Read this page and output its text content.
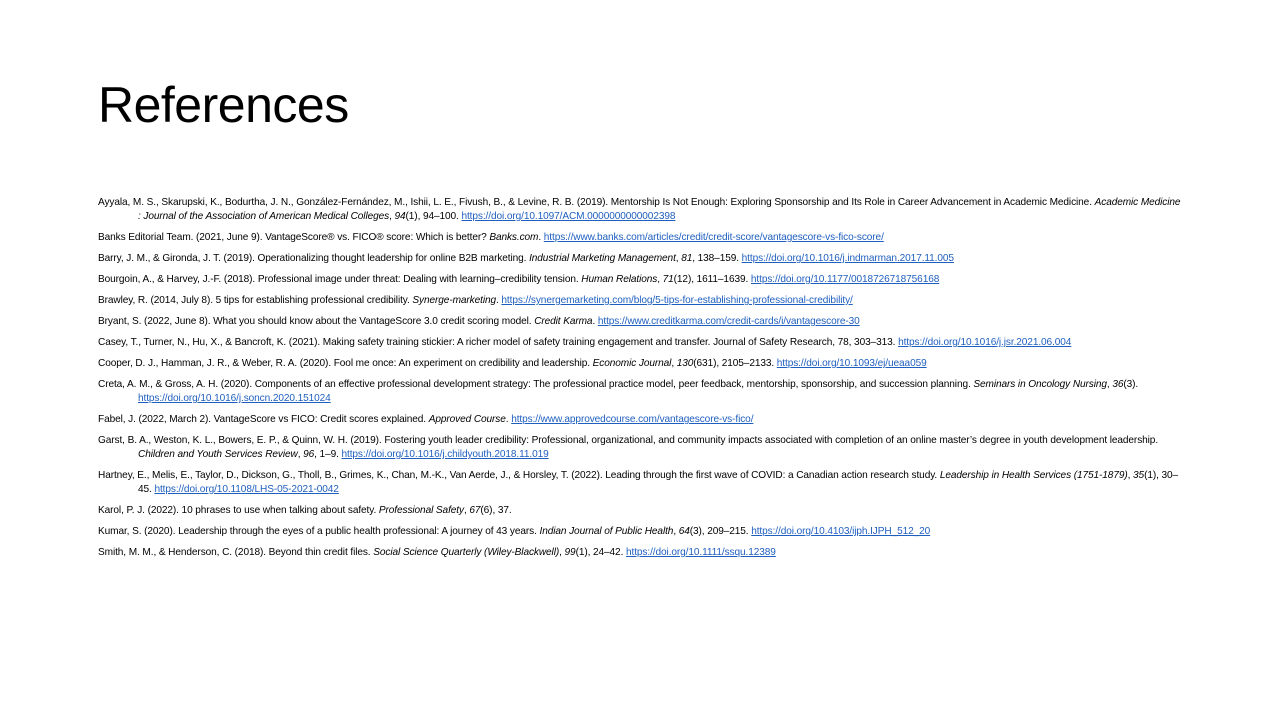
References
Ayyala, M. S., Skarupski, K., Bodurtha, J. N., González-Fernández, M., Ishii, L. E., Fivush, B., & Levine, R. B. (2019). Mentorship Is Not Enough: Exploring Sponsorship and Its Role in Career Advancement in Academic Medicine. Academic Medicine : Journal of the Association of American Medical Colleges, 94(1), 94–100. https://doi.org/10.1097/ACM.0000000000002398
Banks Editorial Team. (2021, June 9). VantageScore® vs. FICO® score: Which is better? Banks.com. https://www.banks.com/articles/credit/credit-score/vantagescore-vs-fico-score/
Barry, J. M., & Gironda, J. T. (2019). Operationalizing thought leadership for online B2B marketing. Industrial Marketing Management, 81, 138–159. https://doi.org/10.1016/j.indmarman.2017.11.005
Bourgoin, A., & Harvey, J.-F. (2018). Professional image under threat: Dealing with learning–credibility tension. Human Relations, 71(12), 1611–1639. https://doi.org/10.1177/0018726718756168
Brawley, R. (2014, July 8). 5 tips for establishing professional credibility. Synerge-marketing. https://synergemarketing.com/blog/5-tips-for-establishing-professional-credibility/
Bryant, S. (2022, June 8). What you should know about the VantageScore 3.0 credit scoring model. Credit Karma. https://www.creditkarma.com/credit-cards/i/vantagescore-30
Casey, T., Turner, N., Hu, X., & Bancroft, K. (2021). Making safety training stickier: A richer model of safety training engagement and transfer. Journal of Safety Research, 78, 303–313. https://doi.org/10.1016/j.jsr.2021.06.004
Cooper, D. J., Hamman, J. R., & Weber, R. A. (2020). Fool me once: An experiment on credibility and leadership. Economic Journal, 130(631), 2105–2133. https://doi.org/10.1093/ej/ueaa059
Creta, A. M., & Gross, A. H. (2020). Components of an effective professional development strategy: The professional practice model, peer feedback, mentorship, sponsorship, and succession planning. Seminars in Oncology Nursing, 36(3). https://doi.org/10.1016/j.soncn.2020.151024
Fabel, J. (2022, March 2). VantageScore vs FICO: Credit scores explained. Approved Course. https://www.approvedcourse.com/vantagescore-vs-fico/
Garst, B. A., Weston, K. L., Bowers, E. P., & Quinn, W. H. (2019). Fostering youth leader credibility: Professional, organizational, and community impacts associated with completion of an online master’s degree in youth development leadership. Children and Youth Services Review, 96, 1–9. https://doi.org/10.1016/j.childyouth.2018.11.019
Hartney, E., Melis, E., Taylor, D., Dickson, G., Tholl, B., Grimes, K., Chan, M.-K., Van Aerde, J., & Horsley, T. (2022). Leading through the first wave of COVID: a Canadian action research study. Leadership in Health Services (1751-1879), 35(1), 30–45. https://doi.org/10.1108/LHS-05-2021-0042
Karol, P. J. (2022). 10 phrases to use when talking about safety. Professional Safety, 67(6), 37.
Kumar, S. (2020). Leadership through the eyes of a public health professional: A journey of 43 years. Indian Journal of Public Health, 64(3), 209–215. https://doi.org/10.4103/ijph.IJPH_512_20
Smith, M. M., & Henderson, C. (2018). Beyond thin credit files. Social Science Quarterly (Wiley-Blackwell), 99(1), 24–42. https://doi.org/10.1111/ssqu.12389
